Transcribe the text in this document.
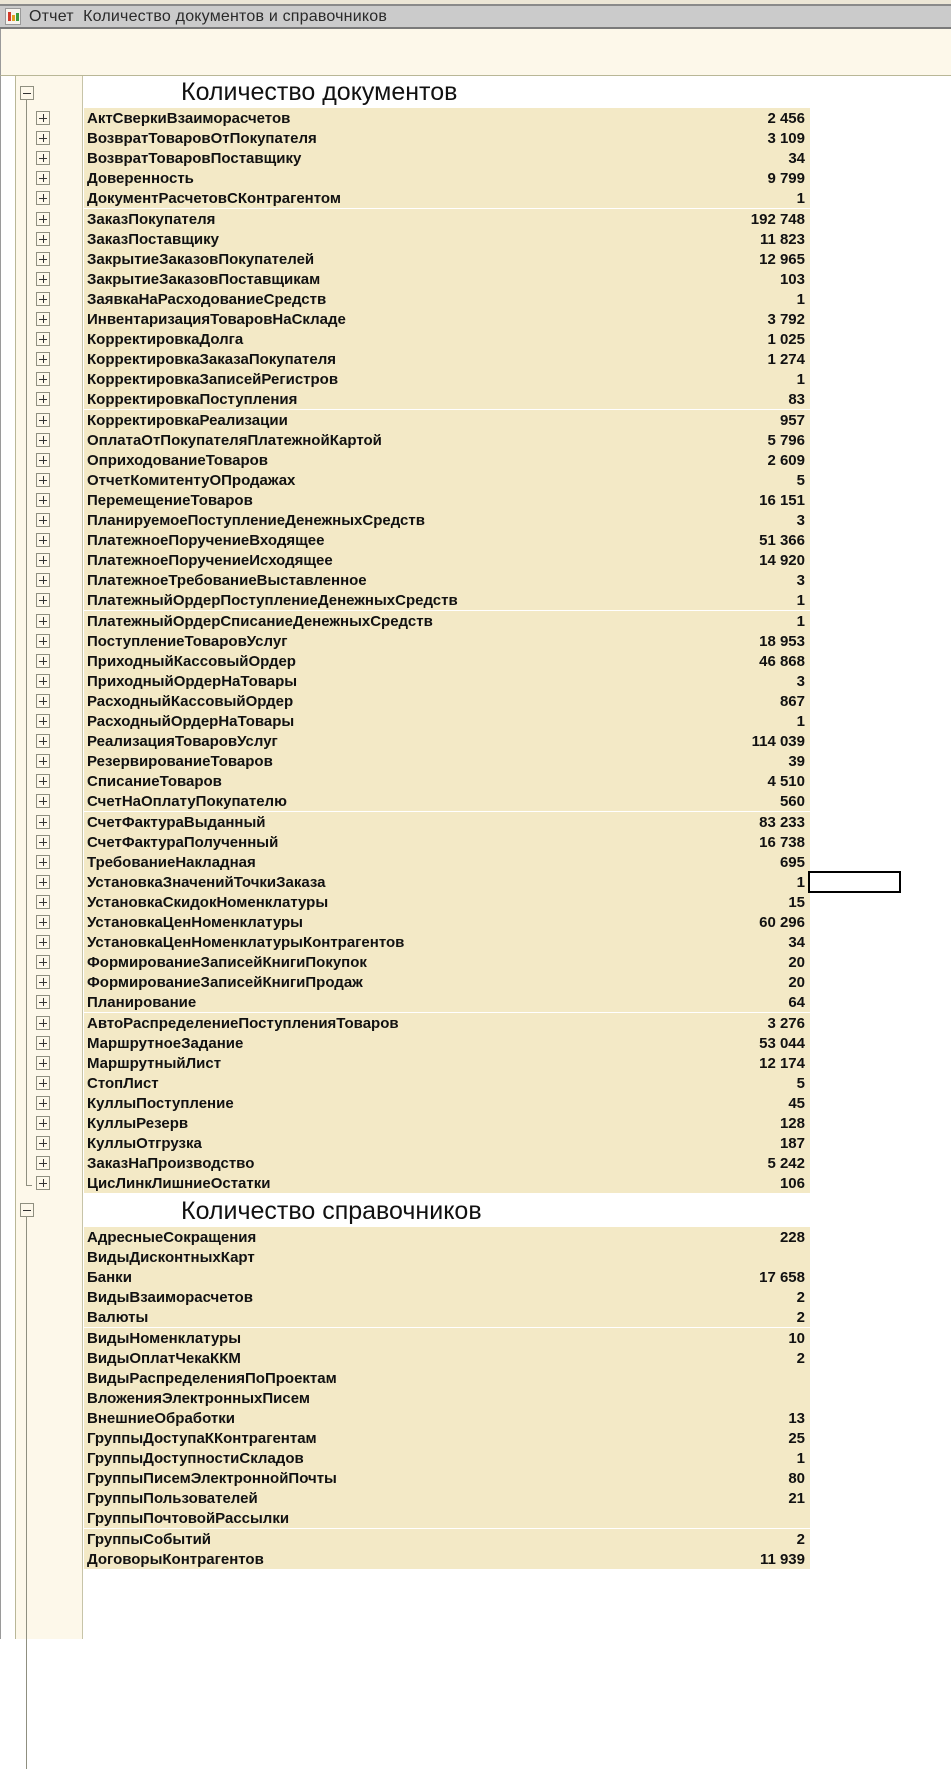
Отчет  Количество документов и справочников
Количество документов
АктСверкиВзаиморасчетов	2 456
ВозвратТоваровОтПокупателя	3 109
ВозвратТоваровПоставщику	34
Доверенность	9 799
ДокументРасчетовСКонтрагентом	1
ЗаказПокупателя	192 748
ЗаказПоставщику	11 823
ЗакрытиеЗаказовПокупателей	12 965
ЗакрытиеЗаказовПоставщикам	103
ЗаявкаНаРасходованиеСредств	1
ИнвентаризацияТоваровНаСкладе	3 792
КорректировкаДолга	1 025
КорректировкаЗаказаПокупателя	1 274
КорректировкаЗаписейРегистров	1
КорректировкаПоступления	83
КорректировкаРеализации	957
ОплатаОтПокупателяПлатежнойКартой	5 796
ОприходованиеТоваров	2 609
ОтчетКомитентуОПродажах	5
ПеремещениеТоваров	16 151
ПланируемоеПоступлениеДенежныхСредств	3
ПлатежноеПоручениеВходящее	51 366
ПлатежноеПоручениеИсходящее	14 920
ПлатежноеТребованиеВыставленное	3
ПлатежныйОрдерПоступлениеДенежныхСредств	1
ПлатежныйОрдерСписаниеДенежныхСредств	1
ПоступлениеТоваровУслуг	18 953
ПриходныйКассовыйОрдер	46 868
ПриходныйОрдерНаТовары	3
РасходныйКассовыйОрдер	867
РасходныйОрдерНаТовары	1
РеализацияТоваровУслуг	114 039
РезервированиеТоваров	39
СписаниеТоваров	4 510
СчетНаОплатуПокупателю	560
СчетФактураВыданный	83 233
СчетФактураПолученный	16 738
ТребованиеНакладная	695
УстановкаЗначенийТочкиЗаказа	1
УстановкаСкидокНоменклатуры	15
УстановкаЦенНоменклатуры	60 296
УстановкаЦенНоменклатурыКонтрагентов	34
ФормированиеЗаписейКнигиПокупок	20
ФормированиеЗаписейКнигиПродаж	20
Планирование	64
АвтоРаспределениеПоступленияТоваров	3 276
МаршрутноеЗадание	53 044
МаршрутныйЛист	12 174
СтопЛист	5
КуллыПоступление	45
КуллыРезерв	128
КуллыОтгрузка	187
ЗаказНаПроизводство	5 242
ЦисЛинкЛишниеОстатки	106
Количество справочников
АдресныеСокращения	228
ВидыДисконтныхКарт
Банки	17 658
ВидыВзаиморасчетов	2
Валюты	2
ВидыНоменклатуры	10
ВидыОплатЧекаККМ	2
ВидыРаспределенияПоПроектам
ВложенияЭлектронныхПисем
ВнешниеОбработки	13
ГруппыДоступаККонтрагентам	25
ГруппыДоступностиСкладов	1
ГруппыПисемЭлектроннойПочты	80
ГруппыПользователей	21
ГруппыПочтовойРассылки
ГруппыСобытий	2
ДоговорыКонтрагентов	11 939
